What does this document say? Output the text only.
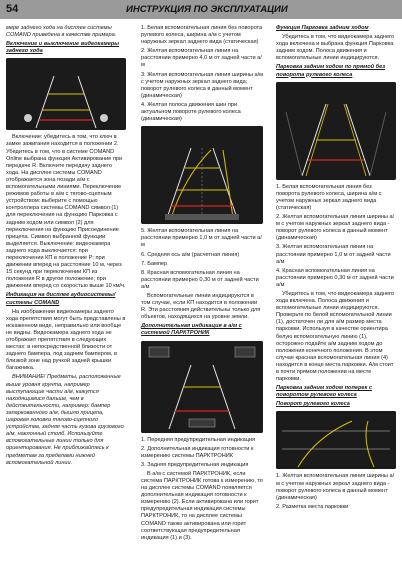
54	ИНСТРУКЦИЯ ПО ЭКСПЛУАТАЦИИ

мере заднего хода на дисплее системы COMAND приведена в качестве примера.

Включение и выключение видеокамеры заднего хода

Включение: убедитесь в том, что ключ в замке зажигания находится в положении 2. Убедитесь в том, что в системе COMAND Online выбрана функция Активирование при передаче R. Включите передачу заднего хода. На дисплее системы COMAND отображается зона позади а/м с вспомогательными линиями. Переключение режимов работы в а/м с тягово-сцепным устройством: выберите с помощью контроллера системы COMAND символ (1) для переключения на функцию Парковка с задним ходом или символ (2) для переключения на функцию Присоединение прицепа. Символ выбранной функции выделяется. Выключение: видеокамера заднего хода выключается: при переключении КП в положение P; при движении вперед на расстояние 10 м, через 15 секунд при переключении КП из положения R в другое положение; при движении вперед со скоростью выше 10 км/ч.

Индикация на дисплее аудиосистемы/системы COMAND

На изображении видеокамеры заднего хода препятствия могут быть представлены в искаженном виде, неправильно или вообще не видны. Видеокамера заднего хода не отображает препятствия в следующих местах: в непосредственной близости от заднего бампера, под задним бампером, в близкой зоне над ручкой задней крышки багажника.

ВНИМАНИЕ! Предметы, расположенные выше уровня грунта, например выступающие части а/м, кажутся находящимися дальше, чем в действительности, например: бампер запаркованного а/м, дышло прицепа, шаровая головка тягово-сцепного устройства, задняя часть кузова грузового а/м, наклонный столб. Используйте вспомогательные линии только для ориентирования. Не приближайтесь к предметам за пределами нижней вспомогательной линии.

1. Белая вспомогательная линия без поворота рулевого колеса, ширина а/м с учетом наружных зеркал заднего вида (статическая)

2. Желтая вспомогательная линия на расстоянии примерно 4,0 м от задней части а/м

3. Желтая вспомогательная линия ширины а/м с учетом наружных зеркал заднего вида; поворот рулевого колеса в данный момент (динамическая)

4. Желтая полоса движения шин при актуальном повороте рулевого колеса (динамическая)

5. Желтая вспомогательная линия на расстоянии примерно 1,0 м от задней части а/м

6. Средняя ось а/м (расчетная линия)

7. Бампер

8. Красная вспомогательная линия на расстоянии примерно 0,30 м от задней части а/м

Вспомогательные линии индицируются в том случае, если КП находится в положении R. Эти расстояния действительны только для объектов, находящихся на уровне земли.

Дополнительная индикация в а/м с системой ПАРКТРОНИК

1. Передняя предупредительная индикация

2. Дополнительная индикация готовности к измерению системы ПАРКТРОНИК

3. Задняя предупредительная индикация

В а/м с системой ПАРКТРОНИК, если система ПАРКТРОНИК готова к измерению, то на дисплее системы COMAND появляется дополнительная индикация готовности к измерению (2). Если активирована или горит предупредительная индикация системы ПАРКТРОНИК, то на дисплее системы COMAND также активирована или горит соответствующая предупредительная индикация (1) и (3).

Функция Парковка задним ходом

Убедитесь в том, что видеокамера заднего хода включена и выбрана функция Парковка задним ходом. Полоса движения и вспомогательные линии индицируются.

Парковка задним ходом по прямой без поворота рулевого колеса

1. Белая вспомогательная линия без поворота рулевого колеса, ширина а/м с учетом наружных зеркал заднего вида (статическая)

2. Желтая вспомогательная линия ширины а/м с учетом наружных зеркал заднего вида - поворот рулевого колеса в данный момент (динамическая)

3. Желтая вспомогательная линия на расстоянии примерно 1,0 м от задней части а/м

4. Красная вспомогательная линия на расстоянии примерно 0,30 м от задней части а/м

Убедитесь в том, что видеокамера заднего хода включена. Полоса движения и вспомогательные линии индицируются. Проверьте по белой вспомогательной линии (1), достаточен ли для а/м размер места парковки. Используя в качестве ориентира белую вспомогательную линию (1), осторожно подайте а/м задним ходом до положения конечного положения. В этом случае красная вспомогательная линия (4) находится в конце места парковки. А/м стоит в почти прямом положении на месте парковки.

Парковка задним ходом поперек с поворотом рулевого колеса

Поворот рулевого колеса

1. Желтая вспомогательная линия ширины а/м с учетом наружных зеркал заднего вида - поворот рулевого колеса в данный момент (динамическая)

2. Разметка места парковки
